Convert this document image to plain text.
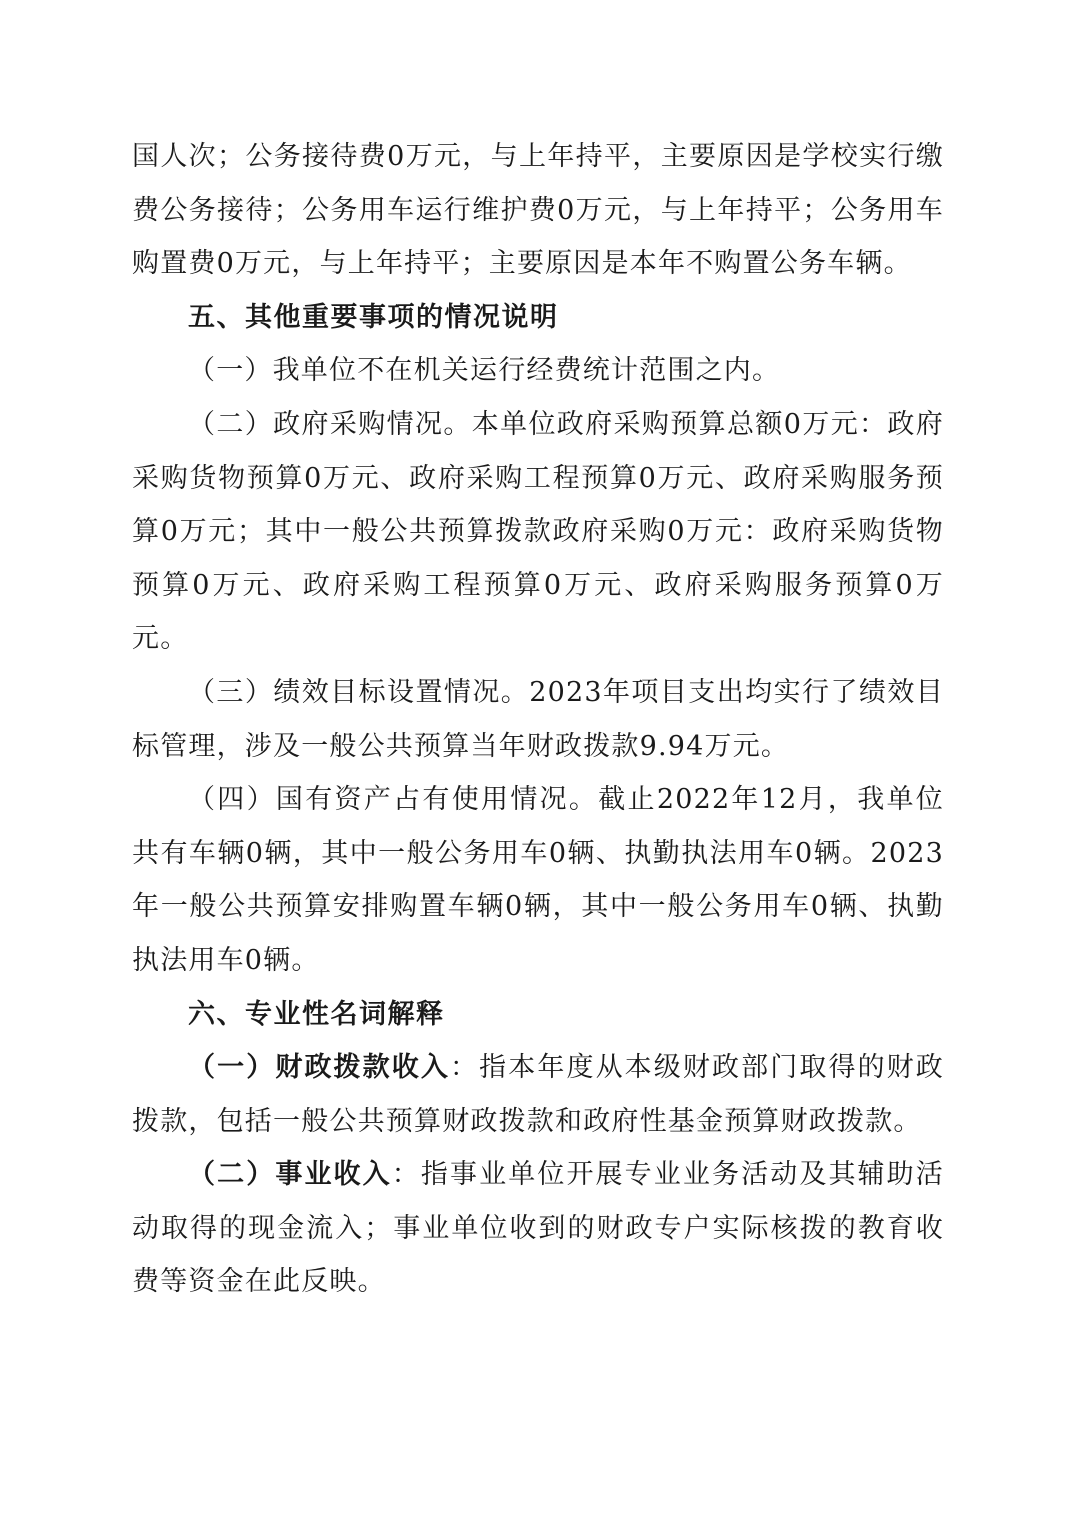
国人次；公务接待费0万元，与上年持平，主要原因是学校实行缴费公务接待；公务用车运行维护费0万元，与上年持平；公务用车购置费0万元，与上年持平；主要原因是本年不购置公务车辆。

五、其他重要事项的情况说明

（一）我单位不在机关运行经费统计范围之内。

（二）政府采购情况。本单位政府采购预算总额0万元：政府采购货物预算0万元、政府采购工程预算0万元、政府采购服务预算0万元；其中一般公共预算拨款政府采购0万元：政府采购货物预算0万元、政府采购工程预算0万元、政府采购服务预算0万元。

（三）绩效目标设置情况。2023年项目支出均实行了绩效目标管理，涉及一般公共预算当年财政拨款9.94万元。

（四）国有资产占有使用情况。截止2022年12月，我单位共有车辆0辆，其中一般公务用车0辆、执勤执法用车0辆。2023年一般公共预算安排购置车辆0辆，其中一般公务用车0辆、执勤执法用车0辆。

六、专业性名词解释

（一）财政拨款收入：指本年度从本级财政部门取得的财政拨款，包括一般公共预算财政拨款和政府性基金预算财政拨款。

（二）事业收入：指事业单位开展专业业务活动及其辅助活动取得的现金流入；事业单位收到的财政专户实际核拨的教育收费等资金在此反映。
